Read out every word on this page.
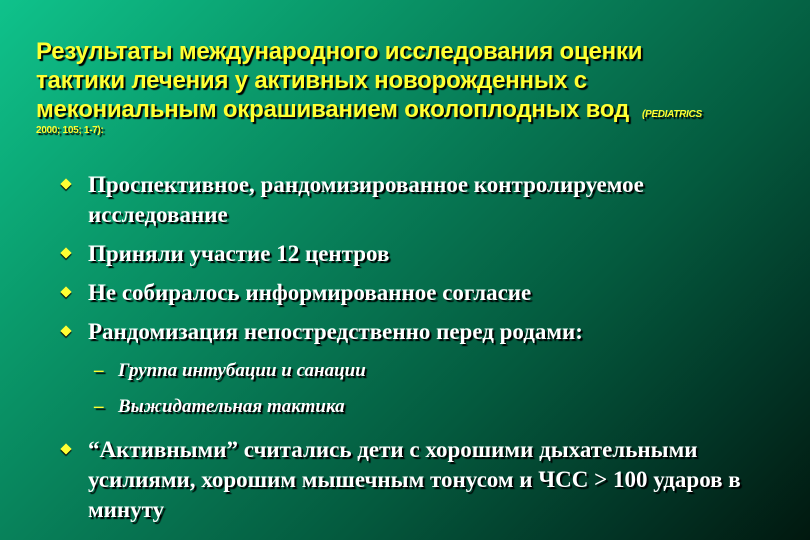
Результаты международного исследования оценки
тактики лечения у активных новорожденных с
мекониальным окрашиванием околоплодных вод (PEDIATRICS
2000; 105; 1-7):
Проспективное, рандомизированное контролируемое исследование
Приняли участие 12 центров
Не собиралось информированное согласие
Рандомизация непостредственно перед родами:
– Группа интубации и санации
– Выжидательная тактика
“Активными” считались дети с хорошими дыхательными усилиями, хорошим мышечным тонусом и ЧСС > 100 ударов в минуту
